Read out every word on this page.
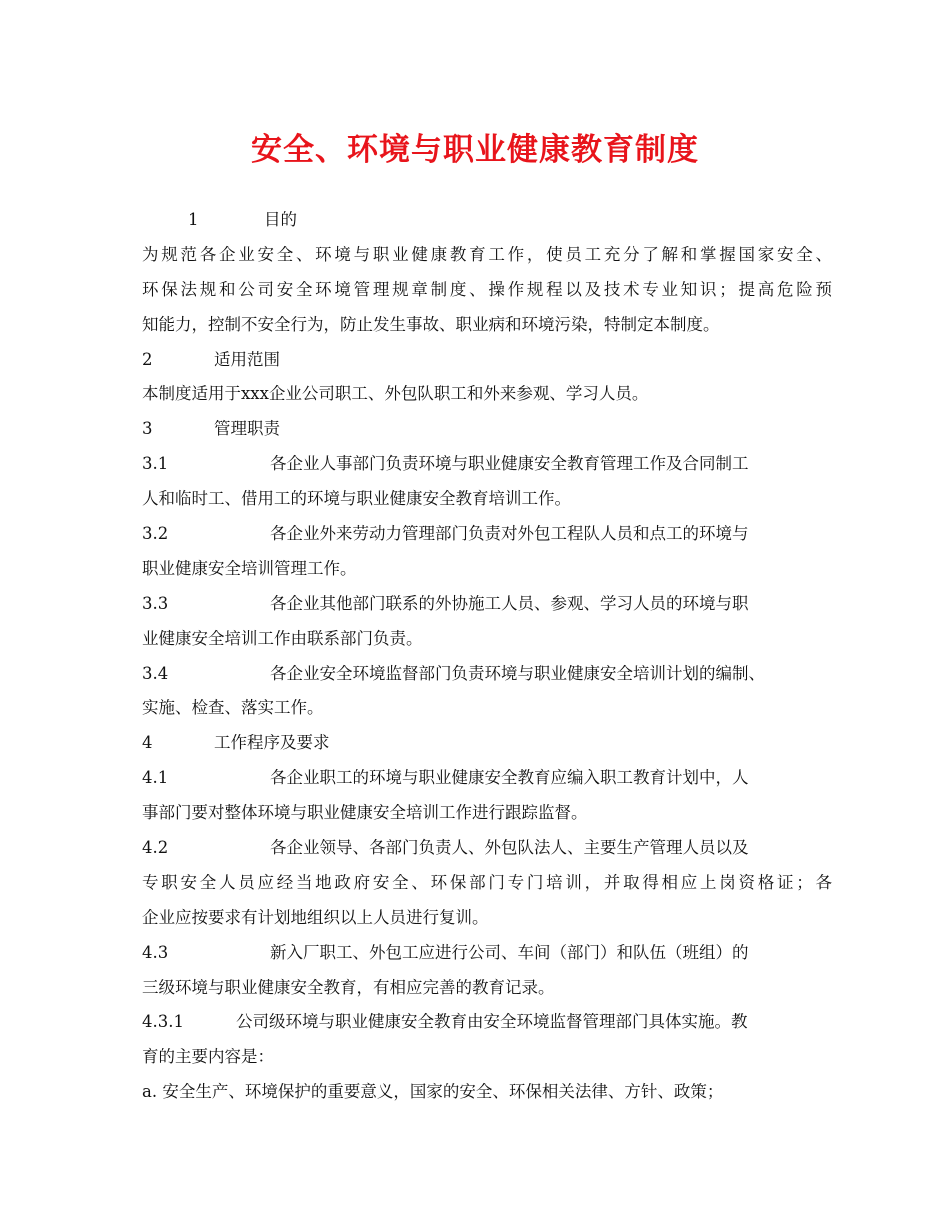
安全、环境与职业健康教育制度
1	目的
为规范各企业安全、环境与职业健康教育工作，使员工充分了解和掌握国家安全、
环保法规和公司安全环境管理规章制度、操作规程以及技术专业知识；提高危险预
知能力，控制不安全行为，防止发生事故、职业病和环境污染，特制定本制度。
2	适用范围
本制度适用于xxx企业公司职工、外包队职工和外来参观、学习人员。
3	管理职责
3.1	各企业人事部门负责环境与职业健康安全教育管理工作及合同制工
人和临时工、借用工的环境与职业健康安全教育培训工作。
3.2	各企业外来劳动力管理部门负责对外包工程队人员和点工的环境与
职业健康安全培训管理工作。
3.3	各企业其他部门联系的外协施工人员、参观、学习人员的环境与职
业健康安全培训工作由联系部门负责。
3.4	各企业安全环境监督部门负责环境与职业健康安全培训计划的编制、
实施、检查、落实工作。
4	工作程序及要求
4.1	各企业职工的环境与职业健康安全教育应编入职工教育计划中，人
事部门要对整体环境与职业健康安全培训工作进行跟踪监督。
4.2	各企业领导、各部门负责人、外包队法人、主要生产管理人员以及
专职安全人员应经当地政府安全、环保部门专门培训，并取得相应上岗资格证；各
企业应按要求有计划地组织以上人员进行复训。
4.3	新入厂职工、外包工应进行公司、车间（部门）和队伍（班组）的
三级环境与职业健康安全教育，有相应完善的教育记录。
4.3.1	公司级环境与职业健康安全教育由安全环境监督管理部门具体实施。教
育的主要内容是：
a. 安全生产、环境保护的重要意义，国家的安全、环保相关法律、方针、政策；
